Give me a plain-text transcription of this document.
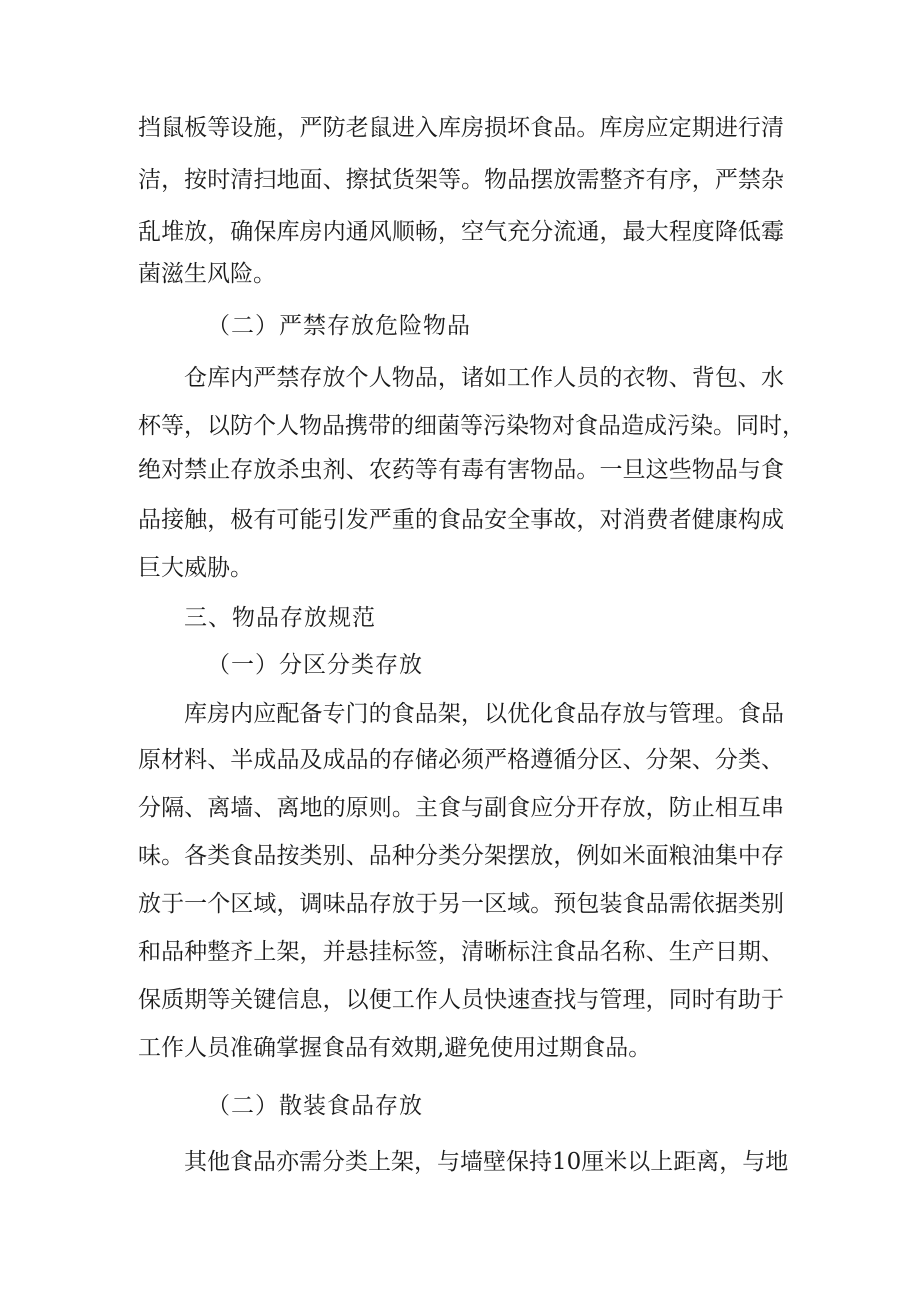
挡鼠板等设施，严防老鼠进入库房损坏食品。库房应定期进行清
洁，按时清扫地面、擦拭货架等。物品摆放需整齐有序，严禁杂
乱堆放，确保库房内通风顺畅，空气充分流通，最大程度降低霉
菌滋生风险。
（二）严禁存放危险物品
仓库内严禁存放个人物品，诸如工作人员的衣物、背包、水
杯等，以防个人物品携带的细菌等污染物对食品造成污染。同时，
绝对禁止存放杀虫剂、农药等有毒有害物品。一旦这些物品与食
品接触，极有可能引发严重的食品安全事故，对消费者健康构成
巨大威胁。
三、物品存放规范
（一）分区分类存放
库房内应配备专门的食品架，以优化食品存放与管理。食品
原材料、半成品及成品的存储必须严格遵循分区、分架、分类、
分隔、离墙、离地的原则。主食与副食应分开存放，防止相互串
味。各类食品按类别、品种分类分架摆放，例如米面粮油集中存
放于一个区域，调味品存放于另一区域。预包装食品需依据类别
和品种整齐上架，并悬挂标签，清晰标注食品名称、生产日期、
保质期等关键信息，以便工作人员快速查找与管理，同时有助于
工作人员准确掌握食品有效期,避免使用过期食品。
（二）散装食品存放
其他食品亦需分类上架，与墙壁保持10厘米以上距离，与地
